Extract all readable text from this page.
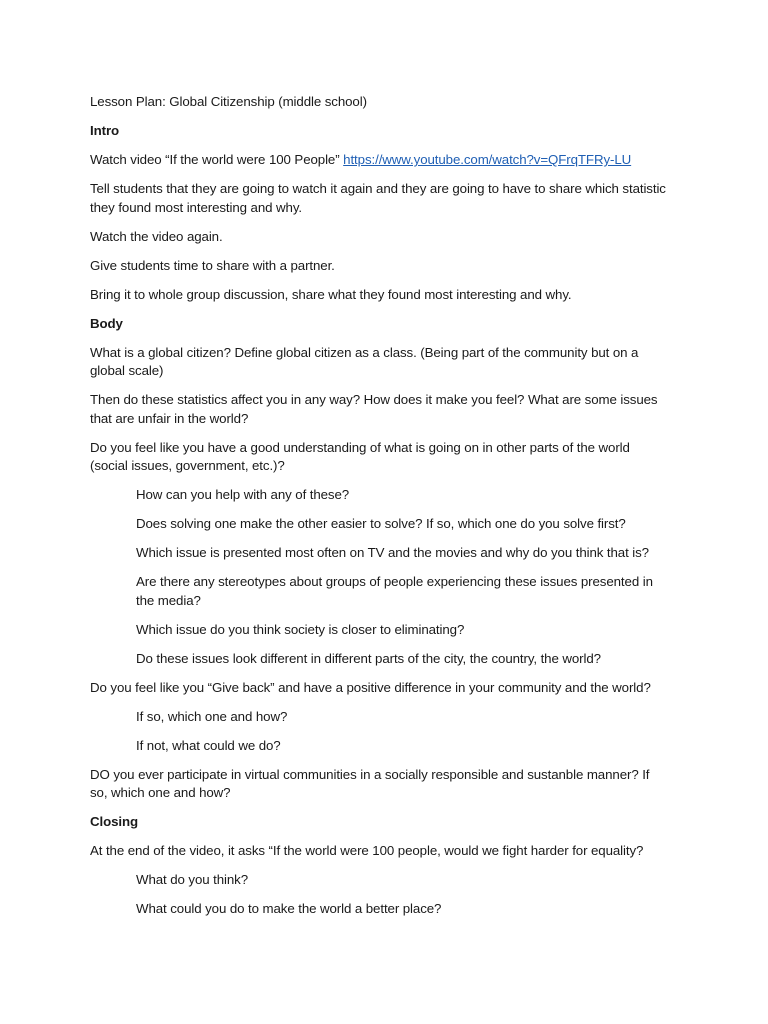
Lesson Plan: Global Citizenship (middle school)

Intro

Watch video “If the world were 100 People” https://www.youtube.com/watch?v=QFrqTFRy-LU

Tell students that they are going to watch it again and they are going to have to share which statistic they found most interesting and why.

Watch the video again.

Give students time to share with a partner.

Bring it to whole group discussion, share what they found most interesting and why.

Body

What is a global citizen? Define global citizen as a class. (Being part of the community but on a global scale)

Then do these statistics affect you in any way? How does it make you feel? What are some issues that are unfair in the world?

Do you feel like you have a good understanding of what is going on in other parts of the world (social issues, government, etc.)?

How can you help with any of these?

Does solving one make the other easier to solve? If so, which one do you solve first?

Which issue is presented most often on TV and the movies and why do you think that is?

Are there any stereotypes about groups of people experiencing these issues presented in the media?

Which issue do you think society is closer to eliminating?

Do these issues look different in different parts of the city, the country, the world?

Do you feel like you “Give back” and have a positive difference in your community and the world?

If so, which one and how?

If not, what could we do?

DO you ever participate in virtual communities in a socially responsible and sustanble manner? If so, which one and how?

Closing

At the end of the video, it asks “If the world were 100 people, would we fight harder for equality?

What do you think?

What could you do to make the world a better place?
